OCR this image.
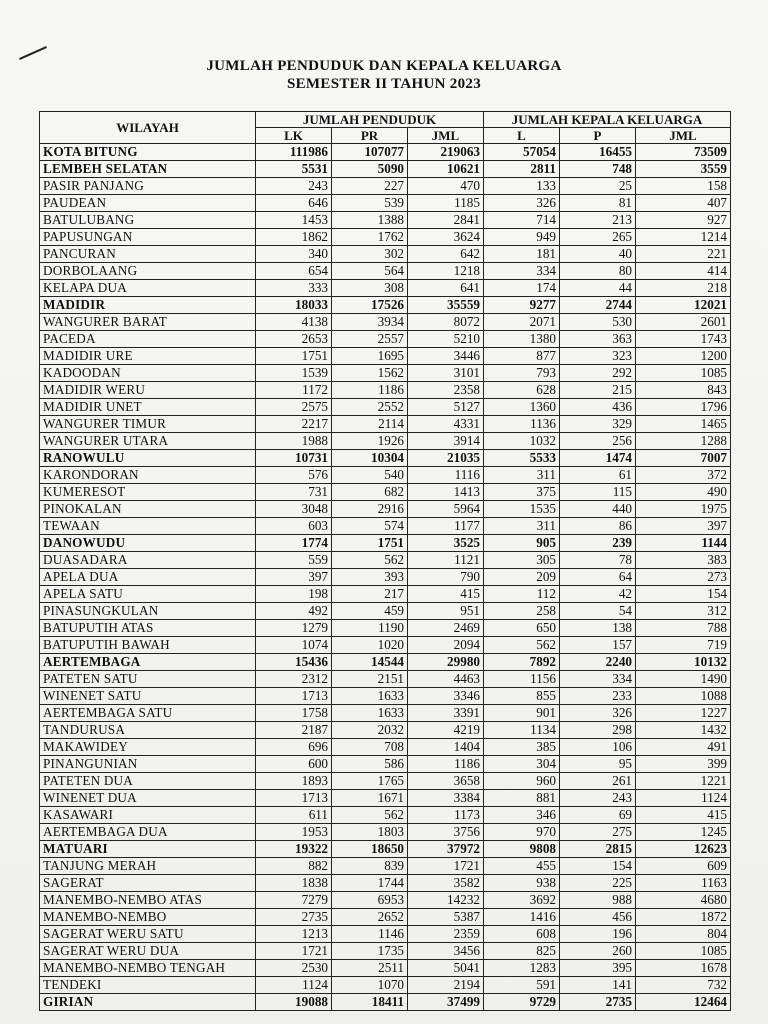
JUMLAH PENDUDUK DAN KEPALA KELUARGA
SEMESTER II TAHUN 2023
WILAYAH	JUMLAH PENDUDUK			JUMLAH KEPALA KELUARGA		
	LK	PR	JML	L	P	JML
KOTA BITUNG	111986	107077	219063	57054	16455	73509
LEMBEH SELATAN	5531	5090	10621	2811	748	3559
PASIR PANJANG	243	227	470	133	25	158
PAUDEAN	646	539	1185	326	81	407
BATULUBANG	1453	1388	2841	714	213	927
PAPUSUNGAN	1862	1762	3624	949	265	1214
PANCURAN	340	302	642	181	40	221
DORBOLAANG	654	564	1218	334	80	414
KELAPA DUA	333	308	641	174	44	218
MADIDIR	18033	17526	35559	9277	2744	12021
WANGURER BARAT	4138	3934	8072	2071	530	2601
PACEDA	2653	2557	5210	1380	363	1743
MADIDIR URE	1751	1695	3446	877	323	1200
KADOODAN	1539	1562	3101	793	292	1085
MADIDIR WERU	1172	1186	2358	628	215	843
MADIDIR UNET	2575	2552	5127	1360	436	1796
WANGURER TIMUR	2217	2114	4331	1136	329	1465
WANGURER UTARA	1988	1926	3914	1032	256	1288
RANOWULU	10731	10304	21035	5533	1474	7007
KARONDORAN	576	540	1116	311	61	372
KUMERESOT	731	682	1413	375	115	490
PINOKALAN	3048	2916	5964	1535	440	1975
TEWAAN	603	574	1177	311	86	397
DANOWUDU	1774	1751	3525	905	239	1144
DUASADARA	559	562	1121	305	78	383
APELA DUA	397	393	790	209	64	273
APELA SATU	198	217	415	112	42	154
PINASUNGKULAN	492	459	951	258	54	312
BATUPUTIH ATAS	1279	1190	2469	650	138	788
BATUPUTIH BAWAH	1074	1020	2094	562	157	719
AERTEMBAGA	15436	14544	29980	7892	2240	10132
PATETEN SATU	2312	2151	4463	1156	334	1490
WINENET SATU	1713	1633	3346	855	233	1088
AERTEMBAGA SATU	1758	1633	3391	901	326	1227
TANDURUSA	2187	2032	4219	1134	298	1432
MAKAWIDEY	696	708	1404	385	106	491
PINANGUNIAN	600	586	1186	304	95	399
PATETEN DUA	1893	1765	3658	960	261	1221
WINENET DUA	1713	1671	3384	881	243	1124
KASAWARI	611	562	1173	346	69	415
AERTEMBAGA DUA	1953	1803	3756	970	275	1245
MATUARI	19322	18650	37972	9808	2815	12623
TANJUNG MERAH	882	839	1721	455	154	609
SAGERAT	1838	1744	3582	938	225	1163
MANEMBO-NEMBO ATAS	7279	6953	14232	3692	988	4680
MANEMBO-NEMBO	2735	2652	5387	1416	456	1872
SAGERAT WERU SATU	1213	1146	2359	608	196	804
SAGERAT WERU DUA	1721	1735	3456	825	260	1085
MANEMBO-NEMBO TENGAH	2530	2511	5041	1283	395	1678
TENDEKI	1124	1070	2194	591	141	732
GIRIAN	19088	18411	37499	9729	2735	12464
